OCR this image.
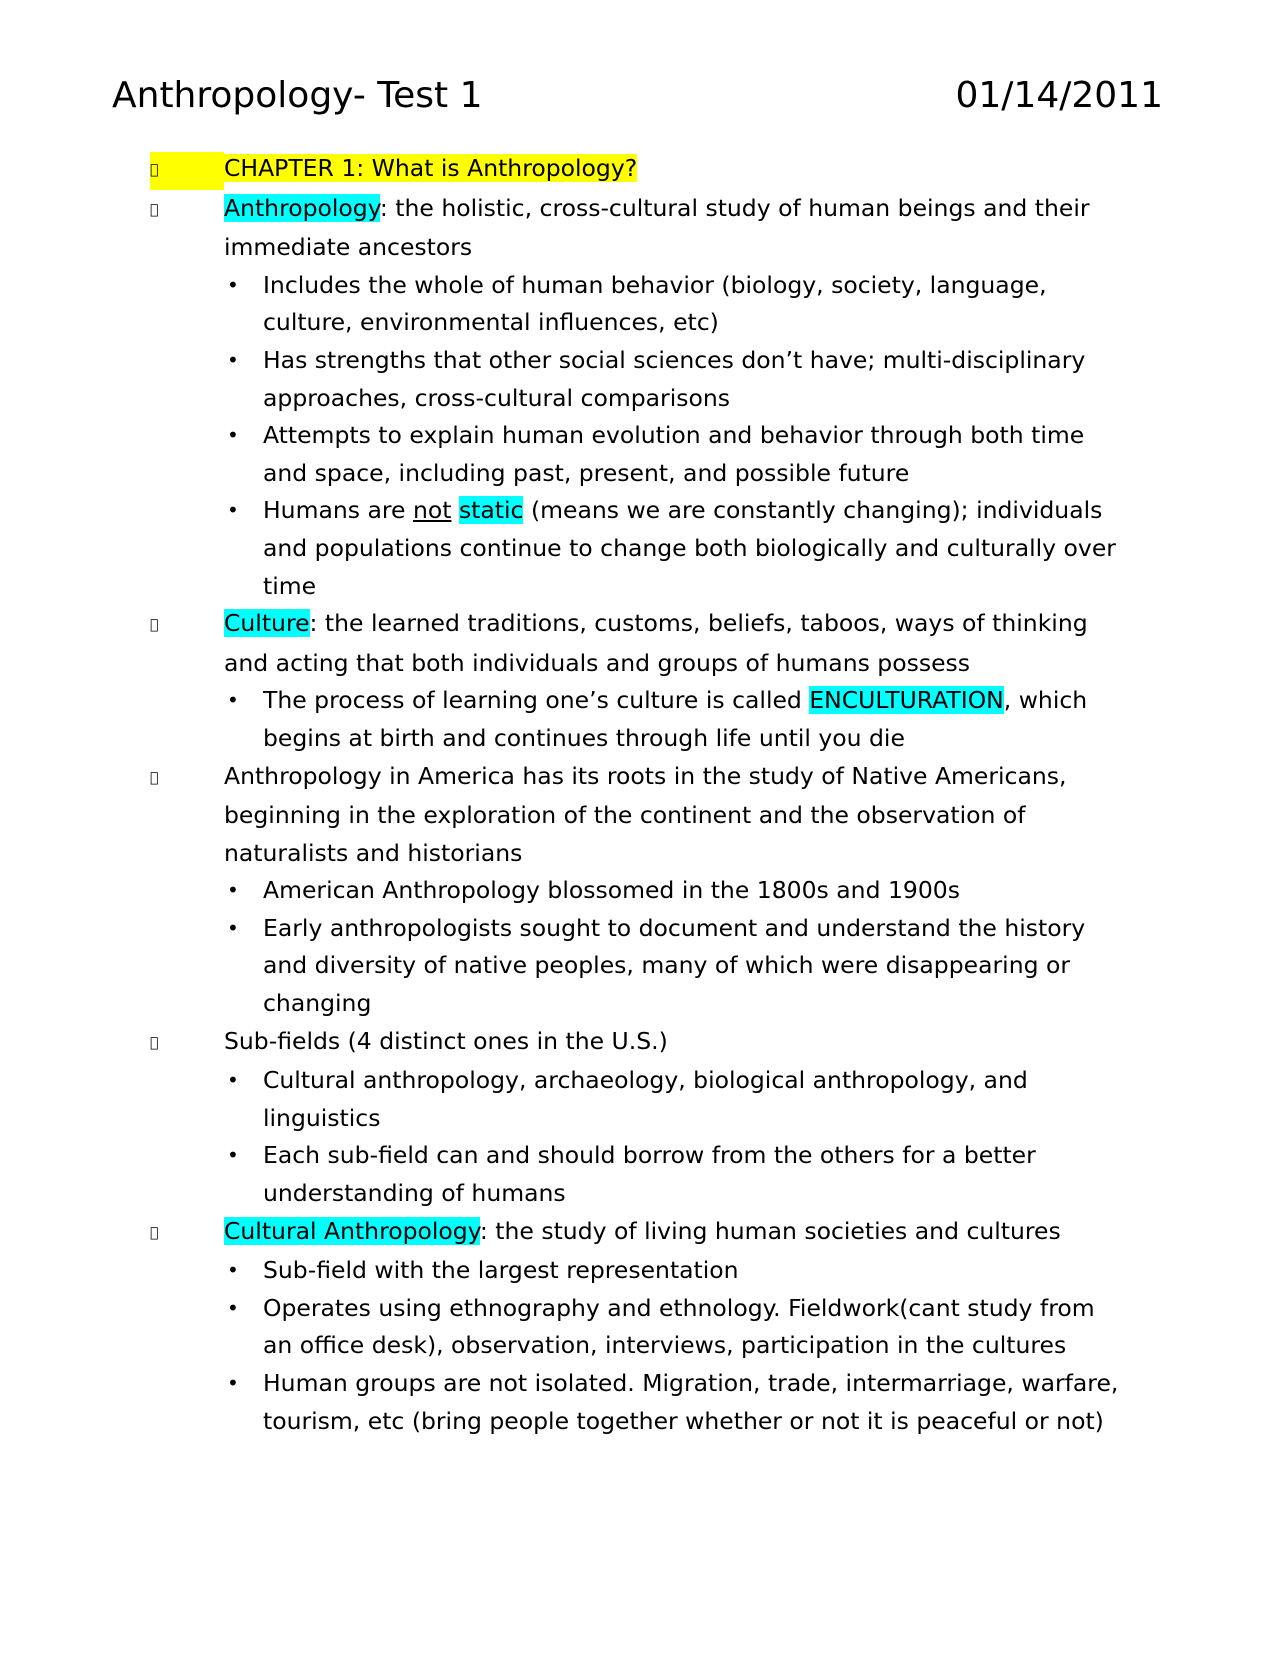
Anthropology- Test 1	01/14/2011

CHAPTER 1: What is Anthropology?

Anthropology: the holistic, cross-cultural study of human beings and their immediate ancestors

• Includes the whole of human behavior (biology, society, language, culture, environmental influences, etc)
• Has strengths that other social sciences don’t have; multi-disciplinary approaches, cross-cultural comparisons
• Attempts to explain human evolution and behavior through both time and space, including past, present, and possible future
• Humans are not static (means we are constantly changing); individuals and populations continue to change both biologically and culturally over time

Culture: the learned traditions, customs, beliefs, taboos, ways of thinking and acting that both individuals and groups of humans possess

• The process of learning one’s culture is called ENCULTURATION, which begins at birth and continues through life until you die

Anthropology in America has its roots in the study of Native Americans, beginning in the exploration of the continent and the observation of naturalists and historians

• American Anthropology blossomed in the 1800s and 1900s
• Early anthropologists sought to document and understand the history and diversity of native peoples, many of which were disappearing or changing

Sub-fields (4 distinct ones in the U.S.)

• Cultural anthropology, archaeology, biological anthropology, and linguistics
• Each sub-field can and should borrow from the others for a better understanding of humans

Cultural Anthropology: the study of living human societies and cultures

• Sub-field with the largest representation
• Operates using ethnography and ethnology. Fieldwork(cant study from an office desk), observation, interviews, participation in the cultures
• Human groups are not isolated. Migration, trade, intermarriage, warfare, tourism, etc (bring people together whether or not it is peaceful or not)
